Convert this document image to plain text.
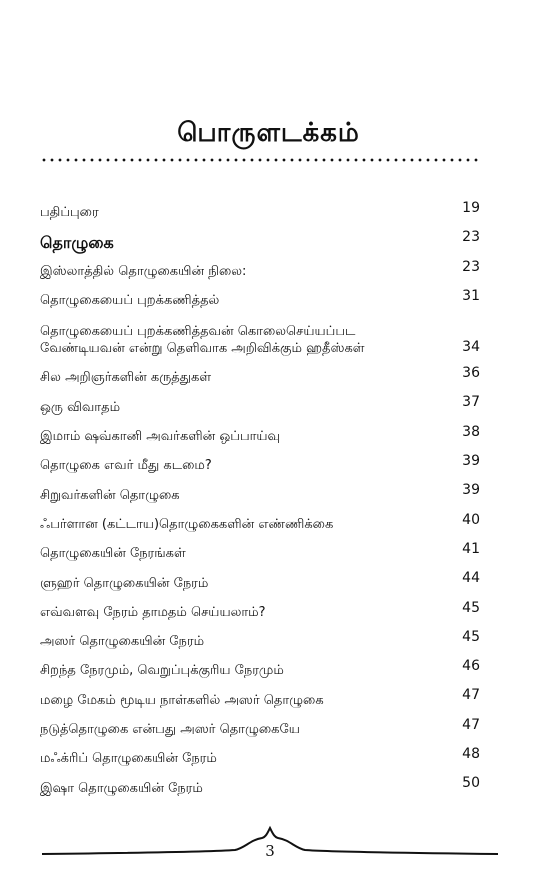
பொருளடக்கம்
பதிப்புரை	19
தொழுகை	23
இஸ்லாத்தில் தொழுகையின் நிலை:	23
தொழுகையைப் புறக்கணித்தல்	31
தொழுகையைப் புறக்கணித்தவன் கொலைசெய்யப்பட
வேண்டியவன் என்று தெளிவாக அறிவிக்கும் ஹதீஸ்கள்	34
சில அறிஞர்களின் கருத்துகள்	36
ஒரு விவாதம்	37
இமாம் ஷவ்கானி அவர்களின் ஒப்பாய்வு	38
தொழுகை எவர் மீது கடமை?	39
சிறுவர்களின் தொழுகை	39
ஃபர்ளான (கட்டாய)தொழுகைகளின் எண்ணிக்கை	40
தொழுகையின் நேரங்கள்	41
ளுஹர் தொழுகையின் நேரம்	44
எவ்வளவு நேரம் தாமதம் செய்யலாம்?	45
அஸர் தொழுகையின் நேரம்	45
சிறந்த நேரமும், வெறுப்புக்குரிய நேரமும்	46
மழை மேகம் மூடிய நாள்களில் அஸர் தொழுகை	47
நடுத்தொழுகை என்பது அஸர் தொழுகையே	47
மஃக்ரிப் தொழுகையின் நேரம்	48
இஷா தொழுகையின் நேரம்	50
3
